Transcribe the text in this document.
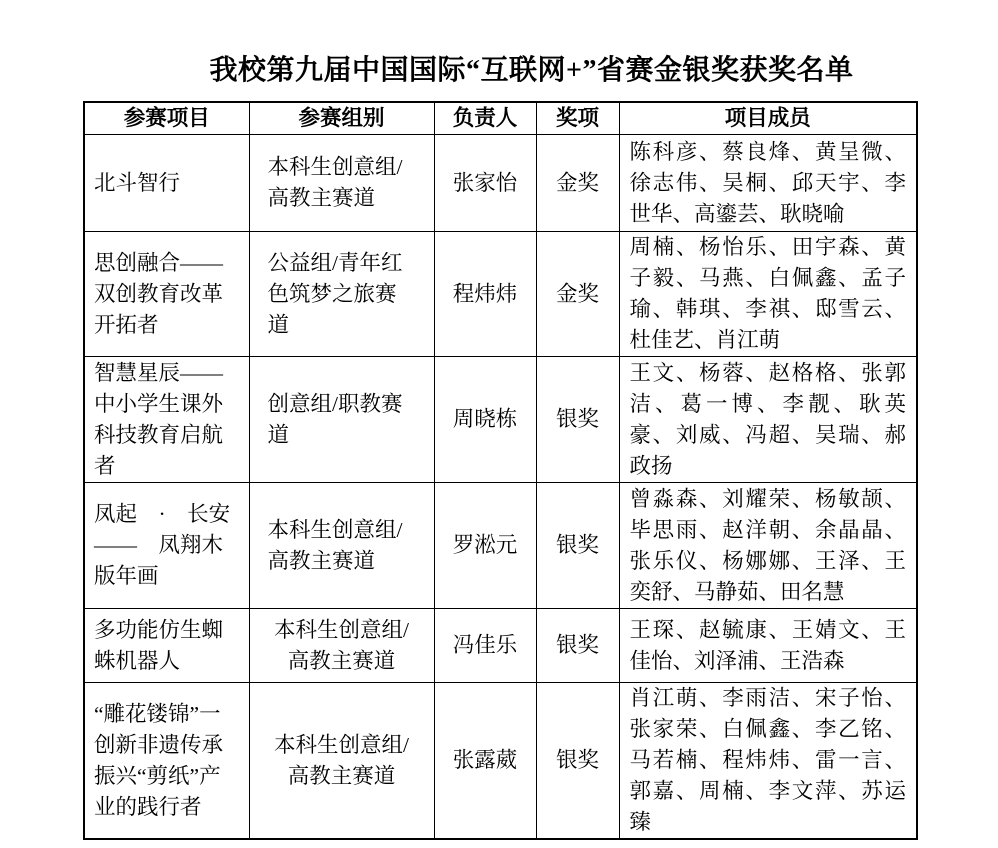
我校第九届中国国际“互联网+”省赛金银奖获奖名单
参赛项目	参赛组别	负责人	奖项	项目成员
北斗智行	本科生创意组/高教主赛道	张家怡	金奖	陈科彦、蔡良烽、黄呈微、徐志伟、吴桐、邱天宇、李世华、高鎏芸、耿晓喻
思创融合——双创教育改革开拓者	公益组/青年红色筑梦之旅赛道	程炜炜	金奖	周楠、杨怡乐、田宇森、黄子毅、马燕、白佩鑫、孟子瑜、韩琪、李祺、邸雪云、杜佳艺、肖江萌
智慧星辰——中小学生课外科技教育启航者	创意组/职教赛道	周晓栋	银奖	王文、杨蓉、赵格格、张郭洁、葛一博、李靓、耿英豪、刘威、冯超、吴瑞、郝政扬
凤起　·　长安——　凤翔木版年画	本科生创意组/高教主赛道	罗淞元	银奖	曾淼森、刘耀荣、杨敏颉、毕思雨、赵洋朝、余晶晶、张乐仪、杨娜娜、王泽、王奕舒、马静茹、田名慧
多功能仿生蜘蛛机器人	本科生创意组/高教主赛道	冯佳乐	银奖	王琛、赵毓康、王婧文、王佳怡、刘泽浦、王浩森
“雕花镂锦”一创新非遗传承振兴“剪纸”产业的践行者	本科生创意组/高教主赛道	张露葳	银奖	肖江萌、李雨洁、宋子怡、张家荣、白佩鑫、李乙铭、马若楠、程炜炜、雷一言、郭嘉、周楠、李文萍、苏运臻
